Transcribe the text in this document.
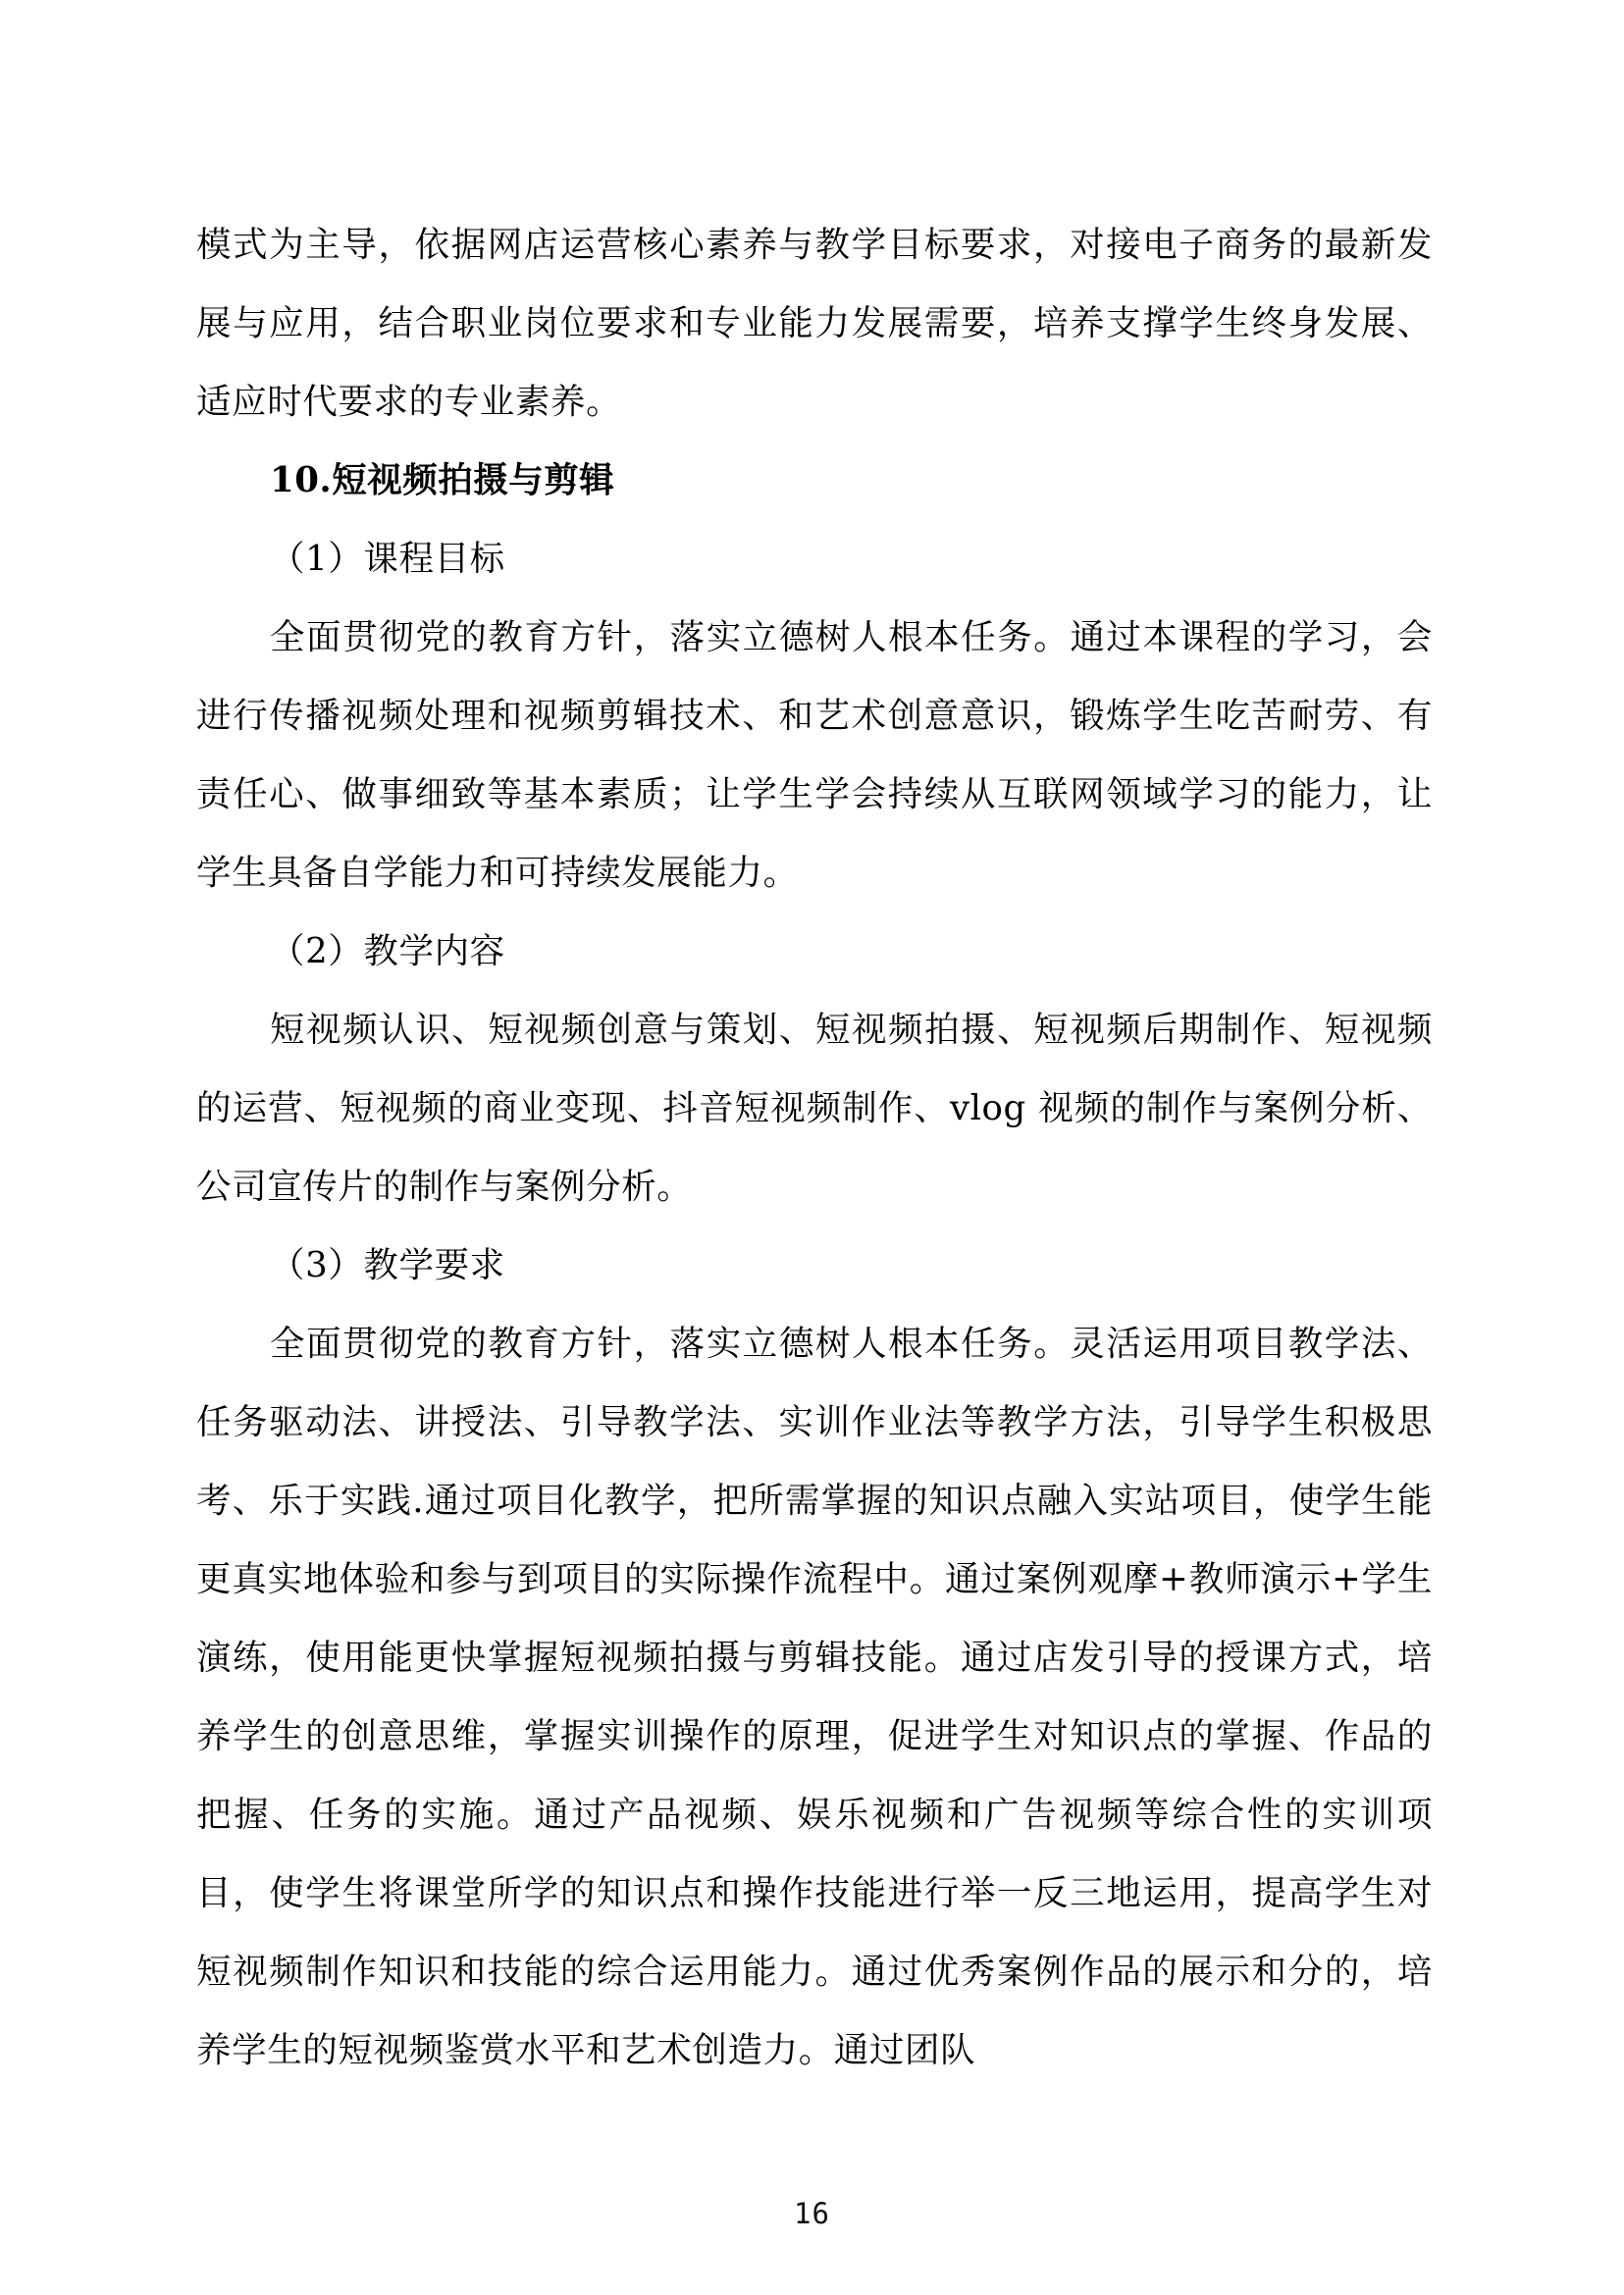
模式为主导，依据网店运营核心素养与教学目标要求，对接电子商务的最新发展与应用，结合职业岗位要求和专业能力发展需要，培养支撑学生终身发展、适应时代要求的专业素养。

10.短视频拍摄与剪辑

（1）课程目标

全面贯彻党的教育方针，落实立德树人根本任务。通过本课程的学习，会进行传播视频处理和视频剪辑技术、和艺术创意意识，锻炼学生吃苦耐劳、有责任心、做事细致等基本素质；让学生学会持续从互联网领域学习的能力，让学生具备自学能力和可持续发展能力。

（2）教学内容

短视频认识、短视频创意与策划、短视频拍摄、短视频后期制作、短视频的运营、短视频的商业变现、抖音短视频制作、vlog 视频的制作与案例分析、公司宣传片的制作与案例分析。

（3）教学要求

全面贯彻党的教育方针，落实立德树人根本任务。灵活运用项目教学法、任务驱动法、讲授法、引导教学法、实训作业法等教学方法，引导学生积极思考、乐于实践.通过项目化教学，把所需掌握的知识点融入实站项目，使学生能更真实地体验和参与到项目的实际操作流程中。通过案例观摩+教师演示+学生演练，使用能更快掌握短视频拍摄与剪辑技能。通过店发引导的授课方式，培养学生的创意思维，掌握实训操作的原理，促进学生对知识点的掌握、作品的把握、任务的实施。通过产品视频、娱乐视频和广告视频等综合性的实训项目，使学生将课堂所学的知识点和操作技能进行举一反三地运用，提高学生对短视频制作知识和技能的综合运用能力。通过优秀案例作品的展示和分的，培养学生的短视频鉴赏水平和艺术创造力。通过团队

16
